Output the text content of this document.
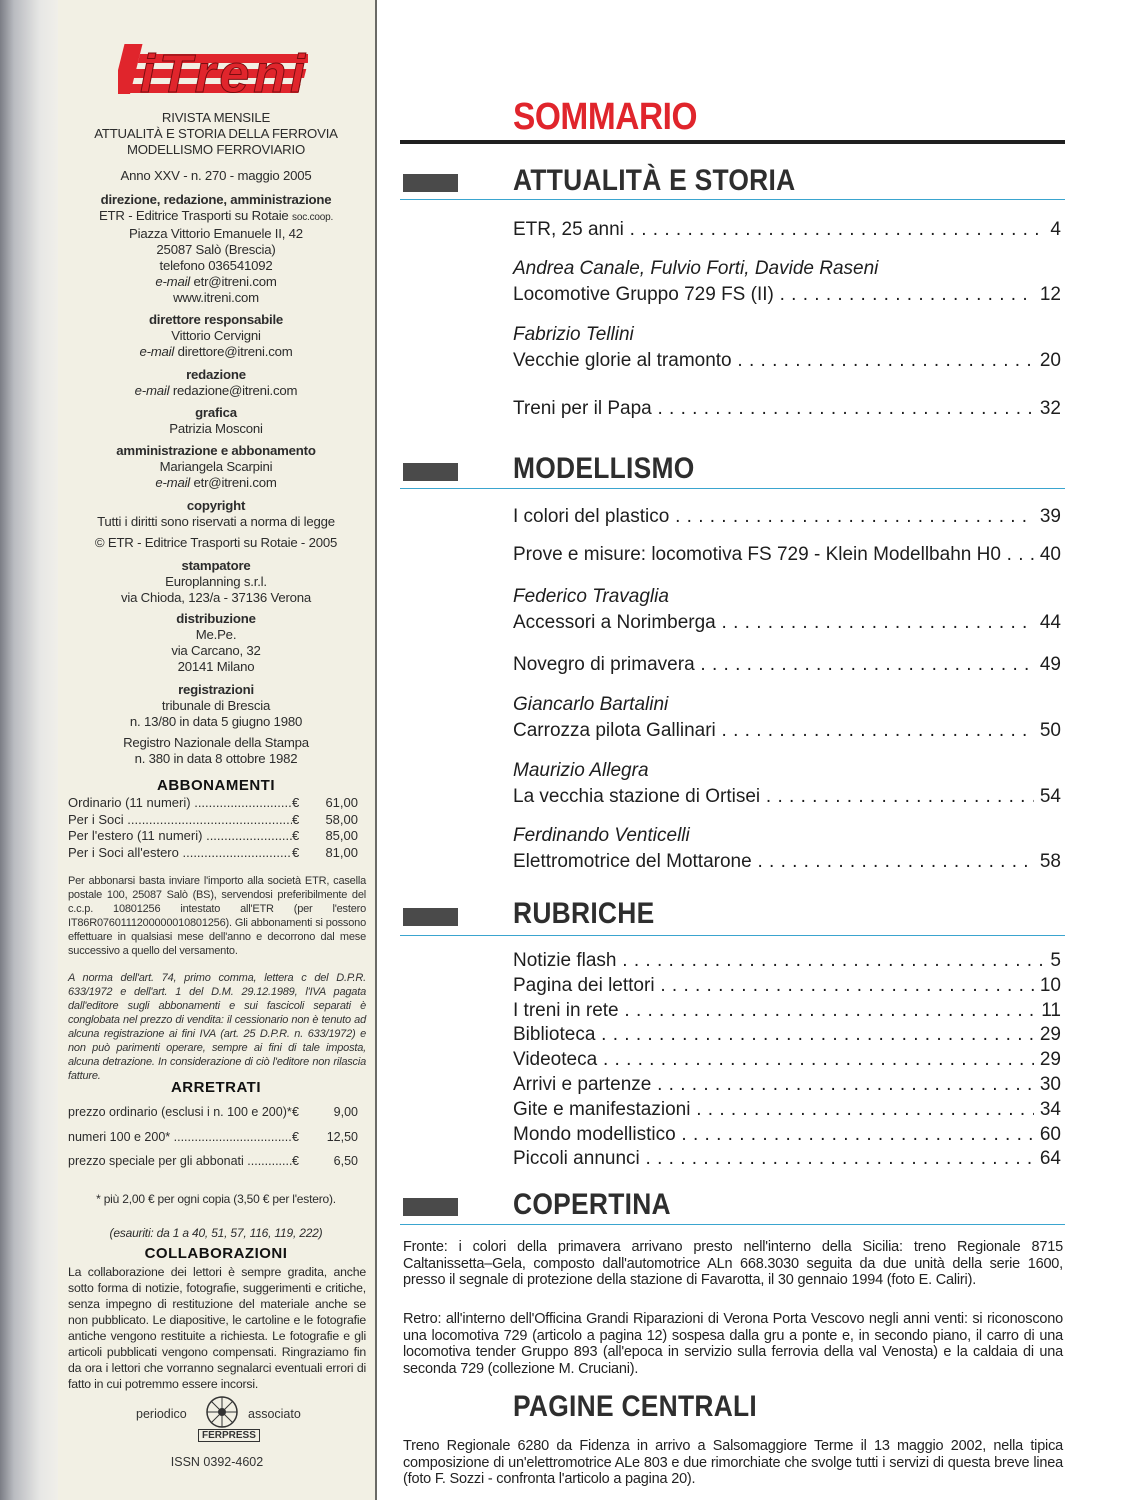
iTreni
RIVISTA MENSILE
ATTUALITÀ E STORIA DELLA FERROVIA
MODELLISMO FERROVIARIO
Anno XXV - n. 270 - maggio 2005
direzione, redazione, amministrazione
ETR - Editrice Trasporti su Rotaie soc.coop.
Piazza Vittorio Emanuele II, 42
25087 Salò (Brescia)
telefono 036541092
e-mail etr@itreni.com
www.itreni.com
direttore responsabile
Vittorio Cervigni
e-mail direttore@itreni.com
redazione
e-mail redazione@itreni.com
grafica
Patrizia Mosconi
amministrazione e abbonamento
Mariangela Scarpini
e-mail etr@itreni.com
copyright
Tutti i diritti sono riservati a norma di legge
© ETR - Editrice Trasporti su Rotaie - 2005
stampatore
Europlanning s.r.l.
via Chioda, 123/a - 37136 Verona
distribuzione
Me.Pe.
via Carcano, 32
20141 Milano
registrazioni
tribunale di Brescia
n. 13/80 in data 5 giugno 1980
Registro Nazionale della Stampa
n. 380 in data 8 ottobre 1982
ABBONAMENTI
Ordinario (11 numeri) .....	€	61,00
Per i Soci .....	€	58,00
Per l'estero (11 numeri) .....	€	85,00
Per i Soci all'estero .....	€	81,00
Per abbonarsi basta inviare l'importo alla società ETR, casella postale 100, 25087 Salò (BS), servendosi preferibilmente del c.c.p. 10801256 intestato all'ETR (per l'estero IT86R0760111200000010801256). Gli abbonamenti si possono effettuare in qualsiasi mese dell'anno e decorrono dal mese successivo a quello del versamento.
A norma dell'art. 74, primo comma, lettera c del D.P.R. 633/1972 e dell'art. 1 del D.M. 29.12.1989, l'IVA pagata dall'editore sugli abbonamenti e sui fascicoli separati è conglobata nel prezzo di vendita: il cessionario non è tenuto ad alcuna registrazione ai fini IVA (art. 25 D.P.R. n. 633/1972) e non può parimenti operare, sempre ai fini di tale imposta, alcuna detrazione. In considerazione di ciò l'editore non rilascia fatture.
ARRETRATI
prezzo ordinario (esclusi i n. 100 e 200)* ..... €	9,00
numeri 100 e 200* .....	€	12,50
prezzo speciale per gli abbonati .....	€	6,50
* più 2,00 € per ogni copia (3,50 € per l'estero).
(esauriti: da 1 a 40, 51, 57, 116, 119, 222)
COLLABORAZIONI
La collaborazione dei lettori è sempre gradita, anche sotto forma di notizie, fotografie, suggerimenti e critiche, senza impegno di restituzione del materiale anche se non pubblicato. Le diapositive, le cartoline e le fotografie antiche vengono restituite a richiesta. Le fotografie e gli articoli pubblicati vengono compensati. Ringraziamo fin da ora i lettori che vorranno segnalarci eventuali errori di fatto in cui potremmo essere incorsi.
periodico	associato
FERPRESS
ISSN 0392-4602
SOMMARIO
ATTUALITÀ E STORIA
ETR, 25 anni . . .	4
Andrea Canale, Fulvio Forti, Davide Raseni
Locomotive Gruppo 729 FS (II) . . .	12
Fabrizio Tellini
Vecchie glorie al tramonto . . .	20
Treni per il Papa . . .	32
MODELLISMO
I colori del plastico . . .	39
Prove e misure: locomotiva FS 729 - Klein Modellbahn H0 . . .	40
Federico Travaglia
Accessori a Norimberga . . .	44
Novegro di primavera . . .	49
Giancarlo Bartalini
Carrozza pilota Gallinari . . .	50
Maurizio Allegra
La vecchia stazione di Ortisei . . .	54
Ferdinando Venticelli
Elettromotrice del Mottarone . . .	58
RUBRICHE
Notizie flash . . .	5
Pagina dei lettori . . .	10
I treni in rete . . .	11
Biblioteca . . .	29
Videoteca . . .	29
Arrivi e partenze . . .	30
Gite e manifestazioni . . .	34
Mondo modellistico . . .	60
Piccoli annunci . . .	64
COPERTINA
Fronte: i colori della primavera arrivano presto nell'interno della Sicilia: treno Regionale 8715 Caltanissetta–Gela, composto dall'automotrice ALn 668.3030 seguita da due unità della serie 1600, presso il segnale di protezione della stazione di Favarotta, il 30 gennaio 1994 (foto E. Caliri).
Retro: all'interno dell'Officina Grandi Riparazioni di Verona Porta Vescovo negli anni venti: si riconoscono una locomotiva 729 (articolo a pagina 12) sospesa dalla gru a ponte e, in secondo piano, il carro di una locomotiva tender Gruppo 893 (all'epoca in servizio sulla ferrovia della val Venosta) e la caldaia di una seconda 729 (collezione M. Cruciani).
PAGINE CENTRALI
Treno Regionale 6280 da Fidenza in arrivo a Salsomaggiore Terme il 13 maggio 2002, nella tipica composizione di un'elettromotrice ALe 803 e due rimorchiate che svolge tutti i servizi di questa breve linea (foto F. Sozzi - confronta l'articolo a pagina 20).
